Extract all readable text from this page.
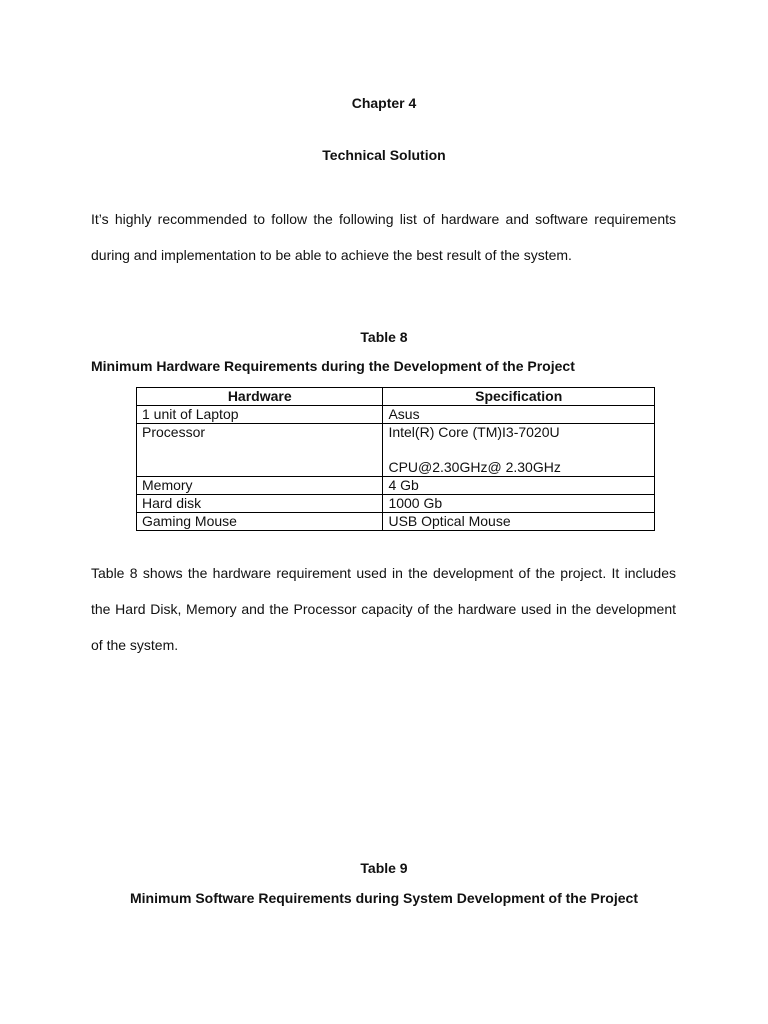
Chapter 4
Technical Solution
It’s highly recommended to follow the following list of hardware and software requirements during and implementation to be able to achieve the best result of the system.
Table 8
Minimum Hardware Requirements during the Development of the Project
Hardware	Specification
1 unit of Laptop	Asus
Processor	Intel(R) Core (TM)I3-7020U
CPU@2.30GHz@ 2.30GHz

Memory	4 Gb
Hard disk	1000 Gb
Gaming Mouse	USB Optical Mouse
Table 8 shows the hardware requirement used in the development of the project. It includes the Hard Disk, Memory and the Processor capacity of the hardware used in the development of the system.
Table 9
Minimum Software Requirements during System Development of the Project
